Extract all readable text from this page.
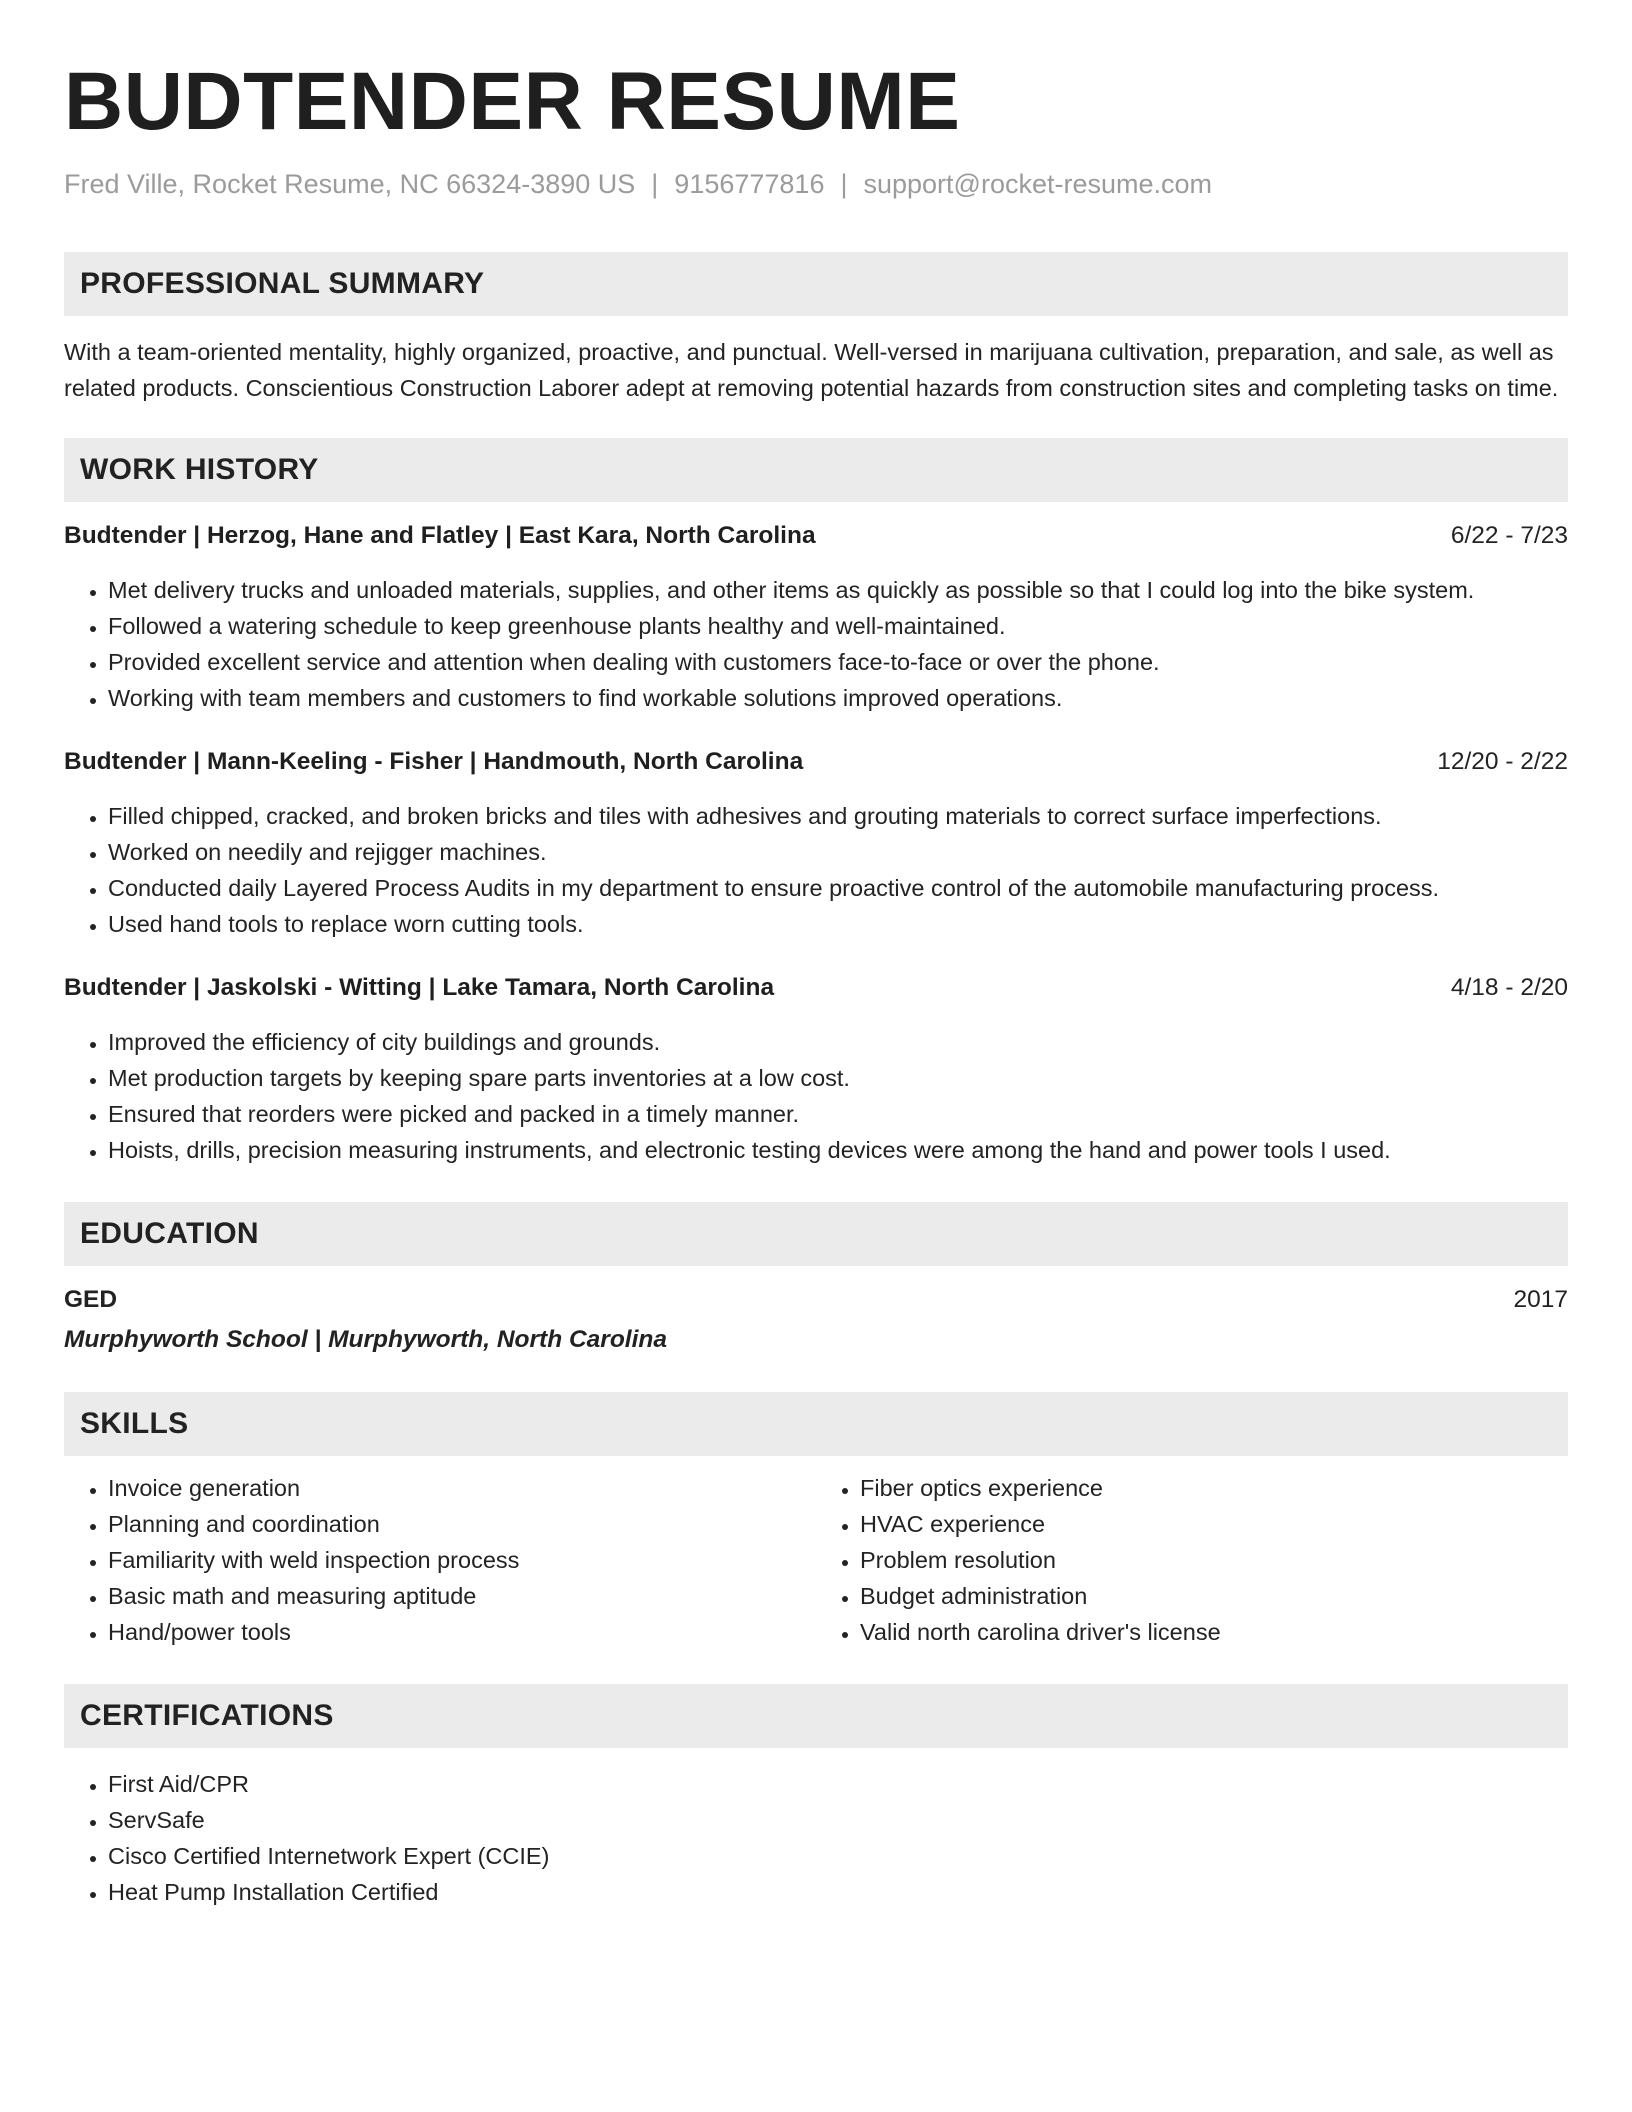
BUDTENDER RESUME
Fred Ville, Rocket Resume, NC 66324-3890 US | 9156777816 | support@rocket-resume.com
PROFESSIONAL SUMMARY
With a team-oriented mentality, highly organized, proactive, and punctual. Well-versed in marijuana cultivation, preparation, and sale, as well as related products. Conscientious Construction Laborer adept at removing potential hazards from construction sites and completing tasks on time.
WORK HISTORY
Budtender | Herzog, Hane and Flatley | East Kara, North Carolina	6/22 - 7/23
• Met delivery trucks and unloaded materials, supplies, and other items as quickly as possible so that I could log into the bike system.
• Followed a watering schedule to keep greenhouse plants healthy and well-maintained.
• Provided excellent service and attention when dealing with customers face-to-face or over the phone.
• Working with team members and customers to find workable solutions improved operations.
Budtender | Mann-Keeling - Fisher | Handmouth, North Carolina	12/20 - 2/22
• Filled chipped, cracked, and broken bricks and tiles with adhesives and grouting materials to correct surface imperfections.
• Worked on needily and rejigger machines.
• Conducted daily Layered Process Audits in my department to ensure proactive control of the automobile manufacturing process.
• Used hand tools to replace worn cutting tools.
Budtender | Jaskolski - Witting | Lake Tamara, North Carolina	4/18 - 2/20
• Improved the efficiency of city buildings and grounds.
• Met production targets by keeping spare parts inventories at a low cost.
• Ensured that reorders were picked and packed in a timely manner.
• Hoists, drills, precision measuring instruments, and electronic testing devices were among the hand and power tools I used.
EDUCATION
GED	2017
Murphyworth School | Murphyworth, North Carolina
SKILLS
• Invoice generation
• Planning and coordination
• Familiarity with weld inspection process
• Basic math and measuring aptitude
• Hand/power tools
• Fiber optics experience
• HVAC experience
• Problem resolution
• Budget administration
• Valid north carolina driver's license
CERTIFICATIONS
• First Aid/CPR
• ServSafe
• Cisco Certified Internetwork Expert (CCIE)
• Heat Pump Installation Certified
